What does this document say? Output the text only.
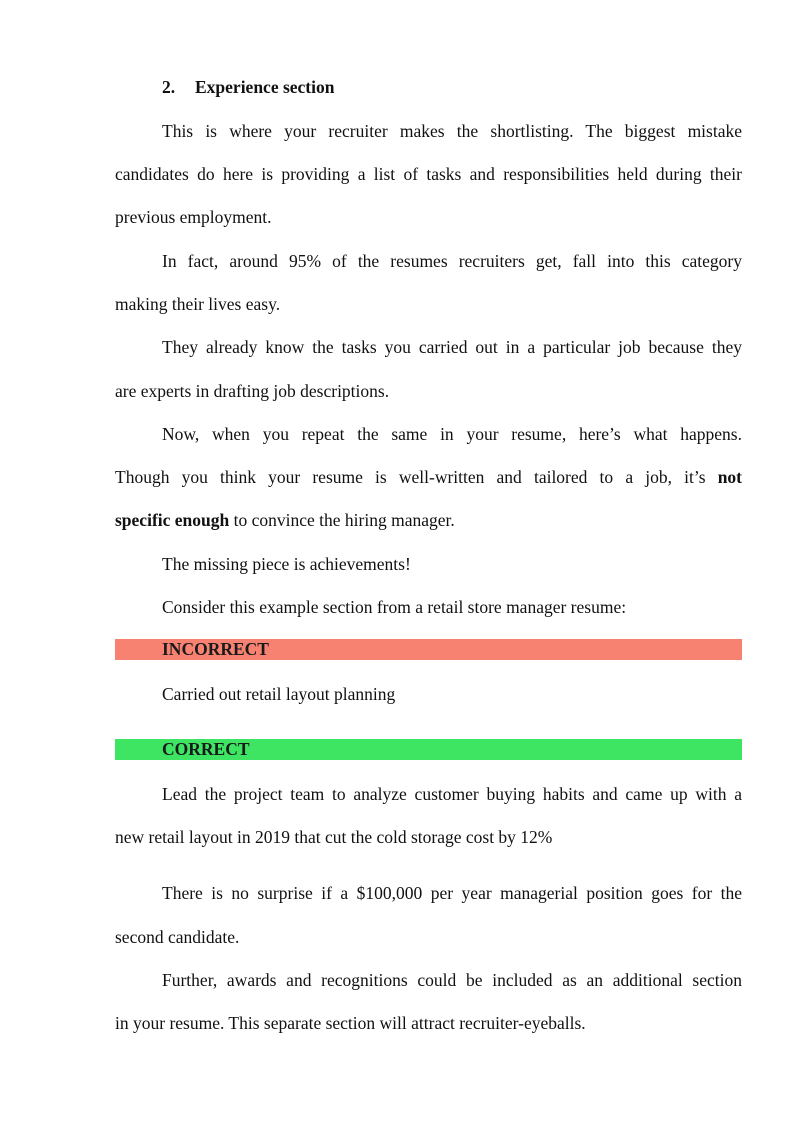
2. Experience section
This is where your recruiter makes the shortlisting. The biggest mistake
candidates do here is providing a list of tasks and responsibilities held during their
previous employment.
In fact, around 95% of the resumes recruiters get, fall into this category
making their lives easy.
They already know the tasks you carried out in a particular job because they
are experts in drafting job descriptions.
Now, when you repeat the same in your resume, here’s what happens.
Though you think your resume is well-written and tailored to a job, it’s not
specific enough to convince the hiring manager.
The missing piece is achievements!
Consider this example section from a retail store manager resume:
INCORRECT
Carried out retail layout planning
CORRECT
Lead the project team to analyze customer buying habits and came up with a
new retail layout in 2019 that cut the cold storage cost by 12%
There is no surprise if a $100,000 per year managerial position goes for the
second candidate.
Further, awards and recognitions could be included as an additional section
in your resume. This separate section will attract recruiter-eyeballs.
